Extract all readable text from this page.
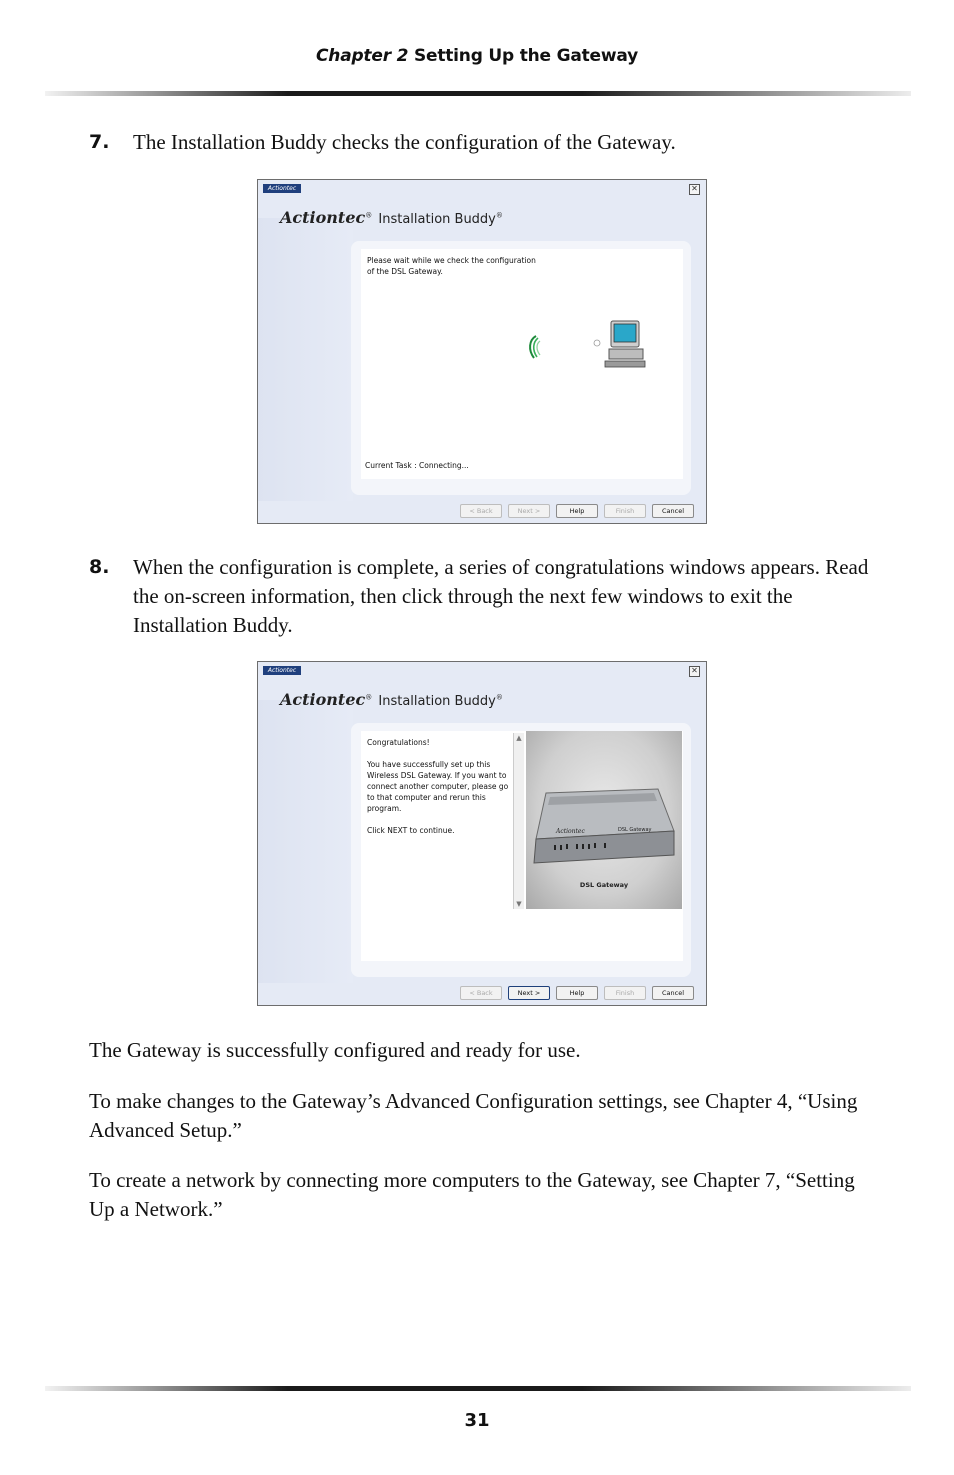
Chapter 2 Setting Up the Gateway
7. The Installation Buddy checks the configuration of the Gateway.
Actiontec	✕
Actiontec® Installation Buddy®
Please wait while we check the configuration of the DSL Gateway.
Current Task : Connecting...
< Back	Next >	Help	Finish	Cancel
8. When the configuration is complete, a series of congratulations windows appears. Read the on-screen information, then click through the next few windows to exit the Installation Buddy.
Actiontec	✕
Actiontec® Installation Buddy®
Congratulations!
You have successfully set up this Wireless DSL Gateway. If you want to connect another computer, please go to that computer and rerun this program.
Click NEXT to continue.
▲
▼
Actiontec	DSL Gateway
DSL Gateway
< Back	Next >	Help	Finish	Cancel
The Gateway is successfully configured and ready for use.
To make changes to the Gateway’s Advanced Configuration settings, see Chapter 4, “Using Advanced Setup.”
To create a network by connecting more computers to the Gateway, see Chapter 7, “Setting Up a Network.”
31
